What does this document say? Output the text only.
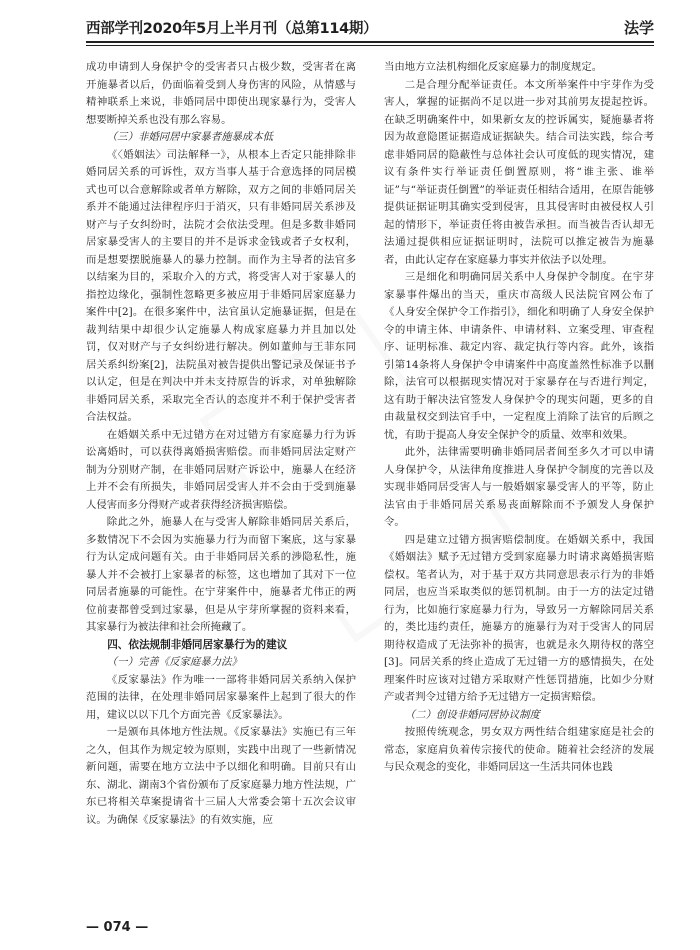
西部学刊2020年5月上半月刊（总第114期）	法学

成功申请到人身保护令的受害者只占极少数，受害者在离开施暴者以后，仍面临着受到人身伤害的风险，从情感与精神联系上来说，非婚同居中即使出现家暴行为，受害人想要断掉关系也没有那么容易。

（三）非婚同居中家暴者施暴成本低

《〈婚姻法〉司法解释一》，从根本上否定只能排除非婚同居关系的可诉性，双方当事人基于合意选择的同居模式也可以合意解除或者单方解除，双方之间的非婚同居关系并不能通过法律程序归于消灭，只有非婚同居关系涉及财产与子女纠纷时，法院才会依法受理。但是多数非婚同居家暴受害人的主要目的并不是诉求金钱或者子女权利，而是想要摆脱施暴人的暴力控制。而作为主导者的法官多以结案为目的，采取介入的方式，将受害人对于家暴人的指控边缘化，强制性忽略更多被应用于非婚同居家庭暴力案件中[2]。在很多案件中，法官虽认定施暴证据，但是在裁判结果中却很少认定施暴人构成家庭暴力并且加以处罚，仅对财产与子女纠纷进行解决。例如董帅与王菲东同居关系纠纷案[2]，法院虽对被告提供出警记录及保证书予以认定，但是在判决中并未支持原告的诉求，对单独解除非婚同居关系，采取完全否认的态度并不利于保护受害者合法权益。

在婚姻关系中无过错方在对过错方有家庭暴力行为诉讼离婚时，可以获得离婚损害赔偿。而非婚同居法定财产制为分别财产制，在非婚同居财产诉讼中，施暴人在经济上并不会有所损失，非婚同居受害人并不会由于受到施暴人侵害而多分得财产或者获得经济损害赔偿。

除此之外，施暴人在与受害人解除非婚同居关系后，多数情况下不会因为实施暴力行为而留下案底，这与家暴行为认定成问题有关。由于非婚同居关系的涉隐私性，施暴人并不会被打上家暴者的标签，这也增加了其对下一位同居者施暴的可能性。在宁芽案件中，施暴者尤伟正的两位前妻都曾受到过家暴，但是从宇芽所掌握的资料来看，其家暴行为被法律和社会所掩藏了。

四、依法规制非婚同居家暴行为的建议

（一）完善《反家庭暴力法》

《反家暴法》作为唯一一部将非婚同居关系纳入保护范围的法律，在处理非婚同居家暴案件上起到了很大的作用，建议以以下几个方面完善《反家暴法》。

一是颁布具体地方性法规。《反家暴法》实施已有三年之久，但其作为规定较为原则，实践中出现了一些新情况新问题，需要在地方立法中予以细化和明确。目前只有山东、湖北、湖南3个省份颁布了反家庭暴力地方性法规，广东已将相关草案提请省十三届人大常委会第十五次会议审议。为确保《反家暴法》的有效实施，应

当由地方立法机构细化反家庭暴力的制度规定。

二是合理分配举证责任。本文所举案件中宇芽作为受害人，掌握的证据尚不足以进一步对其前男友提起控诉。在缺乏明确案件中，如果新女友的控诉属实，疑施暴者将因为故意隐匿证据造成证据缺失。结合司法实践，综合考虑非婚同居的隐蔽性与总体社会认可度低的现实情况，建议有条件实行举证责任倒置原则，将“谁主张、谁举证”与“举证责任倒置”的举证责任相结合适用，在原告能够提供证据证明其确实受到侵害，且其侵害时由被侵权人引起的情形下，举证责任将由被告承担。而当被告否认却无法通过提供相应证据证明时，法院可以推定被告为施暴者，由此认定存在家庭暴力事实并依法予以处理。

三是细化和明确同居关系中人身保护令制度。在宇芽家暴事件爆出的当天，重庆市高级人民法院官网公布了《人身安全保护令工作指引》，细化和明确了人身安全保护令的申请主体、申请条件、申请材料、立案受理、审查程序、证明标准、裁定内容、裁定执行等内容。此外，该指引第14条将人身保护令申请案件中高度盖然性标准予以删除，法官可以根据现实情况对于家暴存在与否进行判定，这有助于解决法官签发人身保护令的现实问题，更多的自由裁量权交到法官手中，一定程度上消除了法官的后顾之忧，有助于提高人身安全保护令的质量、效率和效果。

此外，法律需要明确非婚同居者间至多久才可以申请人身保护令，从法律角度推进人身保护令制度的完善以及实现非婚同居受害人与一般婚姻家暴受害人的平等，防止法官由于非婚同居关系易丧面解除而不予颁发人身保护令。

四是建立过错方损害赔偿制度。在婚姻关系中，我国《婚姻法》赋予无过错方受到家庭暴力时请求离婚损害赔偿权。笔者认为，对于基于双方共同意思表示行为的非婚同居，也应当采取类似的惩罚机制。由于一方的法定过错行为，比如施行家庭暴力行为，导致另一方解除同居关系的，类比违约责任，施暴方的施暴行为对于受害人的同居期待权造成了无法弥补的损害，也就是永久期待权的落空[3]。同居关系的终止造成了无过错一方的感情损失，在处理案件时应该对过错方采取财产性惩罚措施，比如少分财产或者判令过错方给予无过错方一定损害赔偿。

（二）创设非婚同居协议制度

按照传统观念，男女双方两性结合组建家庭是社会的常态，家庭肩负着传宗接代的使命。随着社会经济的发展与民众观念的变化，非婚同居这一生活共同体也践

— 074 —
